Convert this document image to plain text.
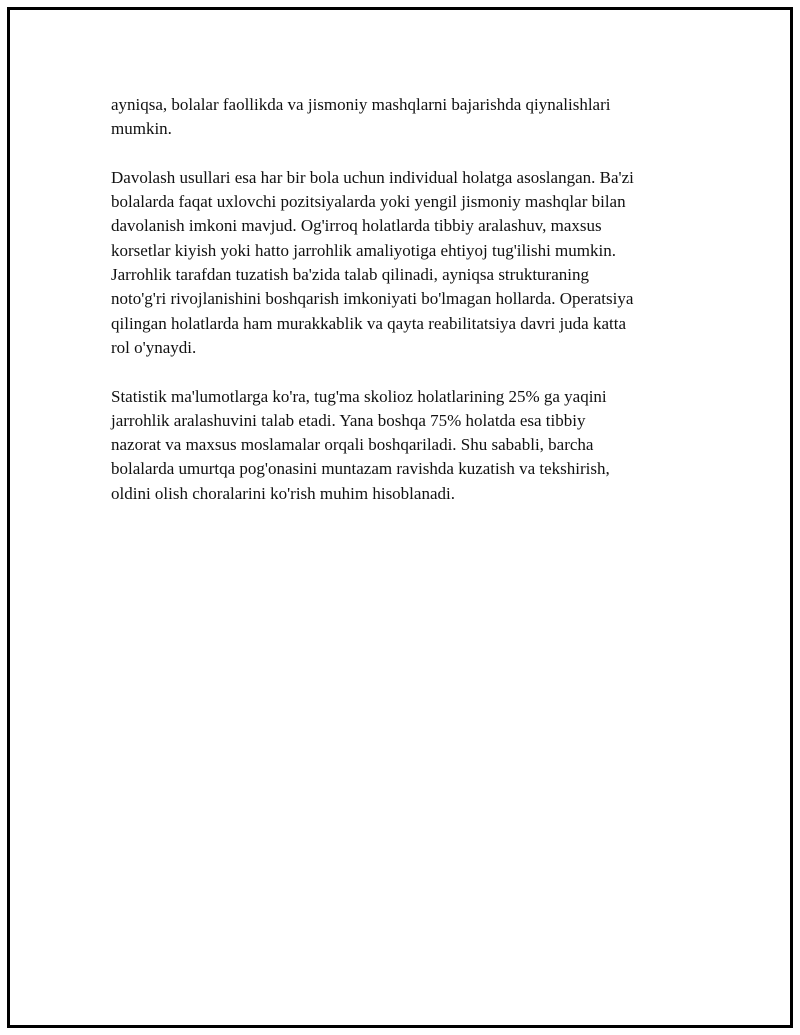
ayniqsa, bolalar faollikda va jismoniy mashqlarni bajarishda qiynalishlari
mumkin.

Davolash usullari esa har bir bola uchun individual holatga asoslangan. Ba'zi
bolalarda faqat uxlovchi pozitsiyalarda yoki yengil jismoniy mashqlar bilan
davolanish imkoni mavjud. Og'irroq holatlarda tibbiy aralashuv, maxsus
korsetlar kiyish yoki hatto jarrohlik amaliyotiga ehtiyoj tug'ilishi mumkin.
Jarrohlik tarafdan tuzatish ba'zida talab qilinadi, ayniqsa strukturaning
noto'g'ri rivojlanishini boshqarish imkoniyati bo'lmagan hollarda. Operatsiya
qilingan holatlarda ham murakkablik va qayta reabilitatsiya davri juda katta
rol o'ynaydi.

Statistik ma'lumotlarga ko'ra, tug'ma skolioz holatlarining 25% ga yaqini
jarrohlik aralashuvini talab etadi. Yana boshqa 75% holatda esa tibbiy
nazorat va maxsus moslamalar orqali boshqariladi. Shu sababli, barcha
bolalarda umurtqa pog'onasini muntazam ravishda kuzatish va tekshirish,
oldini olish choralarini ko'rish muhim hisoblanadi.
